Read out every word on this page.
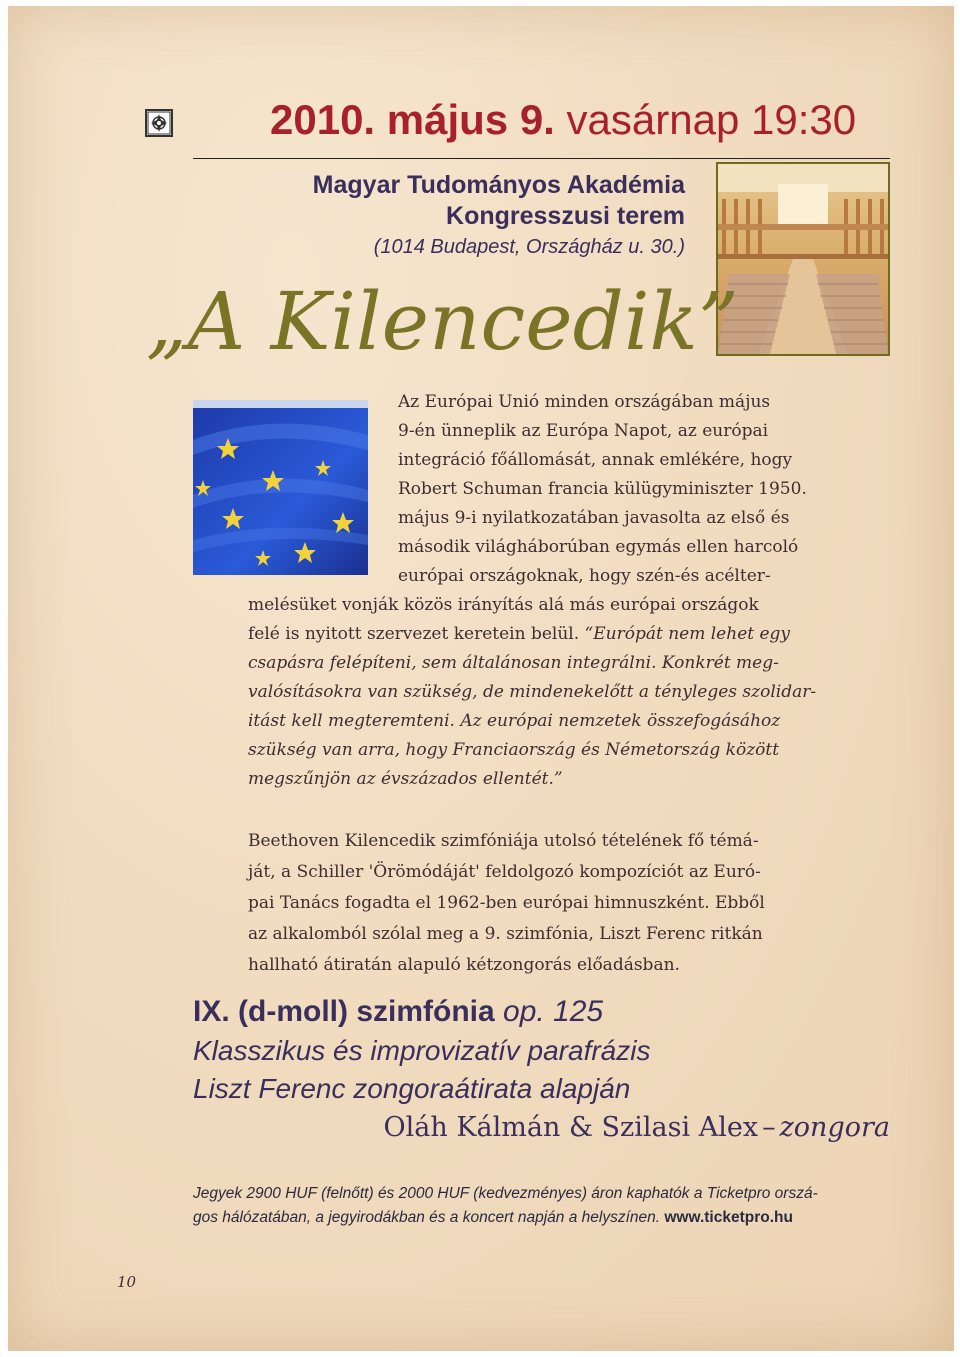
2010. május 9. vasárnap 19:30
Magyar Tudományos Akadémia
Kongresszusi terem
(1014 Budapest, Országház u. 30.)
„A Kilencedik”
Az Európai Unió minden országában május
9-én ünneplik az Európa Napot, az európai
integráció főállomását, annak emlékére, hogy
Robert Schuman francia külügyminiszter 1950.
május 9-i nyilatkozatában javasolta az első és
második világháborúban egymás ellen harcoló
európai országoknak, hogy szén-és acélter-
melésüket vonják közös irányítás alá más európai országok
felé is nyitott szervezet keretein belül. “Európát nem lehet egy
csapásra felépíteni, sem általánosan integrálni. Konkrét meg-
valósításokra van szükség, de mindenekelőtt a tényleges szolidar-
itást kell megteremteni. Az európai nemzetek összefogásához
szükség van arra, hogy Franciaország és Németország között
megszűnjön az évszázados ellentét.”
Beethoven Kilencedik szimfóniája utolsó tételének fő témá-
ját, a Schiller 'Örömódáját' feldolgozó kompozíciót az Euró-
pai Tanács fogadta el 1962-ben európai himnuszként. Ebből
az alkalomból szólal meg a 9. szimfónia, Liszt Ferenc ritkán
hallható átiratán alapuló kétzongorás előadásban.
IX. (d-moll) szimfónia op. 125
Klasszikus és improvizatív parafrázis
Liszt Ferenc zongoraátirata alapján
Oláh Kálmán & Szilasi Alex – zongora
Jegyek 2900 HUF (felnőtt) és 2000 HUF (kedvezményes) áron kaphatók a Ticketpro orszá-
gos hálózatában, a jegyirodákban és a koncert napján a helyszínen. www.ticketpro.hu
10
